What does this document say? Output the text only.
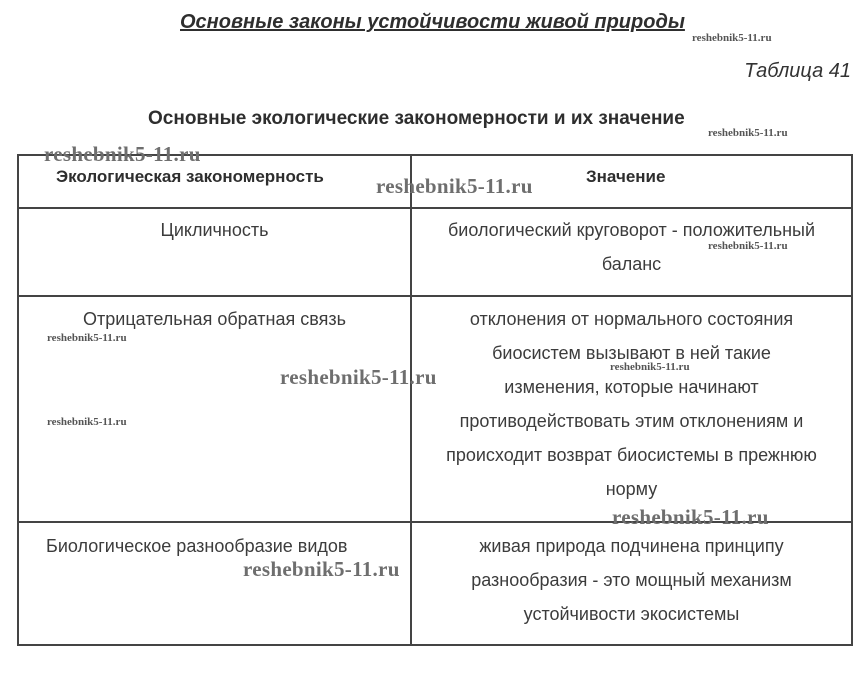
Основные законы устойчивости живой природы
Таблица 41
Основные экологические закономерности и их значение
Экологическая закономерность	Значение
Цикличность	биологический круговорот - положительный
баланс
Отрицательная обратная связь	отклонения от нормального состояния
биосистем вызывают в ней такие
изменения, которые начинают
противодействовать этим отклонениям и
происходит возврат биосистемы в прежнюю
норму
Биологическое разнообразие видов	живая природа подчинена принципу
разнообразия - это мощный механизм
устойчивости экосистемы
reshebnik5-11.ru
reshebnik5-11.ru
reshebnik5-11.ru
reshebnik5-11.ru
reshebnik5-11.ru
reshebnik5-11.ru
reshebnik5-11.ru
reshebnik5-11.ru
reshebnik5-11.ru
reshebnik5-11.ru
reshebnik5-11.ru
